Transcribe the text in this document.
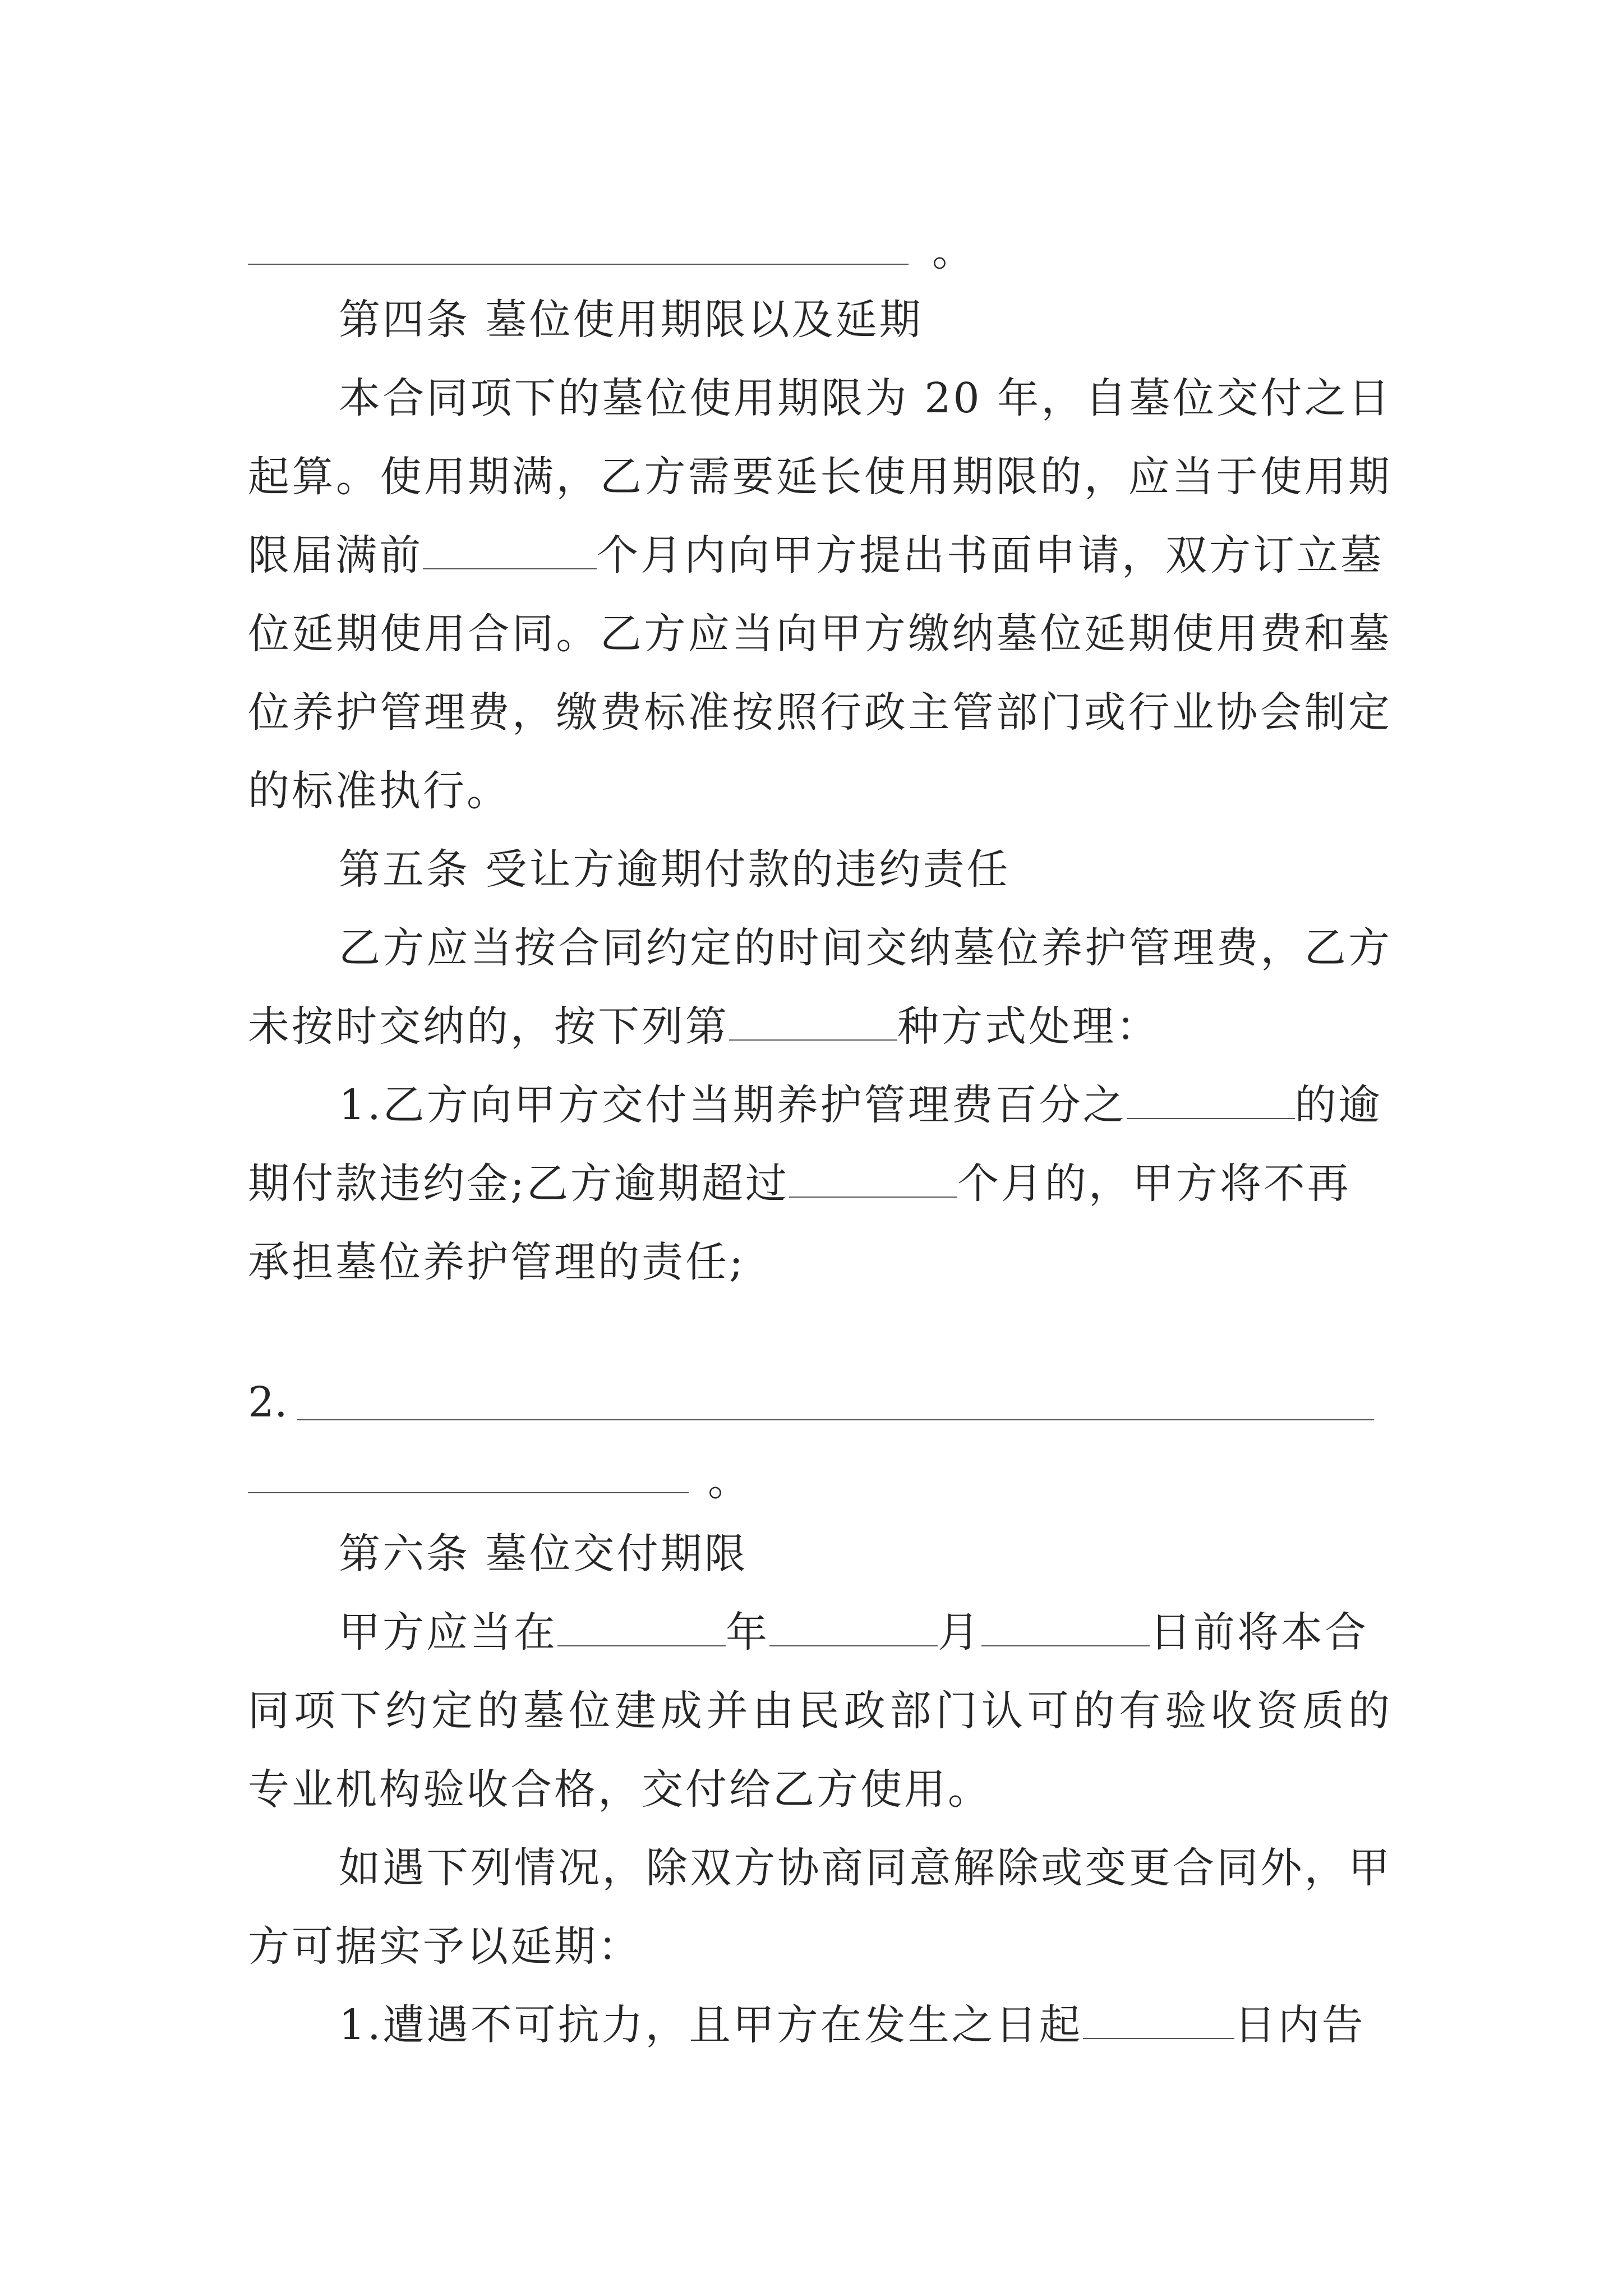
。
第四条 墓位使用期限以及延期
本合同项下的墓位使用期限为 20 年，自墓位交付之日
起算。使用期满，乙方需要延长使用期限的，应当于使用期
限届满前	个月内向甲方提出书面申请，双方订立墓
位延期使用合同。乙方应当向甲方缴纳墓位延期使用费和墓
位养护管理费，缴费标准按照行政主管部门或行业协会制定
的标准执行。
第五条 受让方逾期付款的违约责任
乙方应当按合同约定的时间交纳墓位养护管理费，乙方
未按时交纳的，按下列第	种方式处理：
1.乙方向甲方交付当期养护管理费百分之	的逾
期付款违约金;乙方逾期超过	个月的，甲方将不再
承担墓位养护管理的责任;
2.
。
第六条 墓位交付期限
甲方应当在	年	月	日前将本合
同项下约定的墓位建成并由民政部门认可的有验收资质的
专业机构验收合格，交付给乙方使用。
如遇下列情况，除双方协商同意解除或变更合同外，甲
方可据实予以延期：
1.遭遇不可抗力，且甲方在发生之日起	日内告
